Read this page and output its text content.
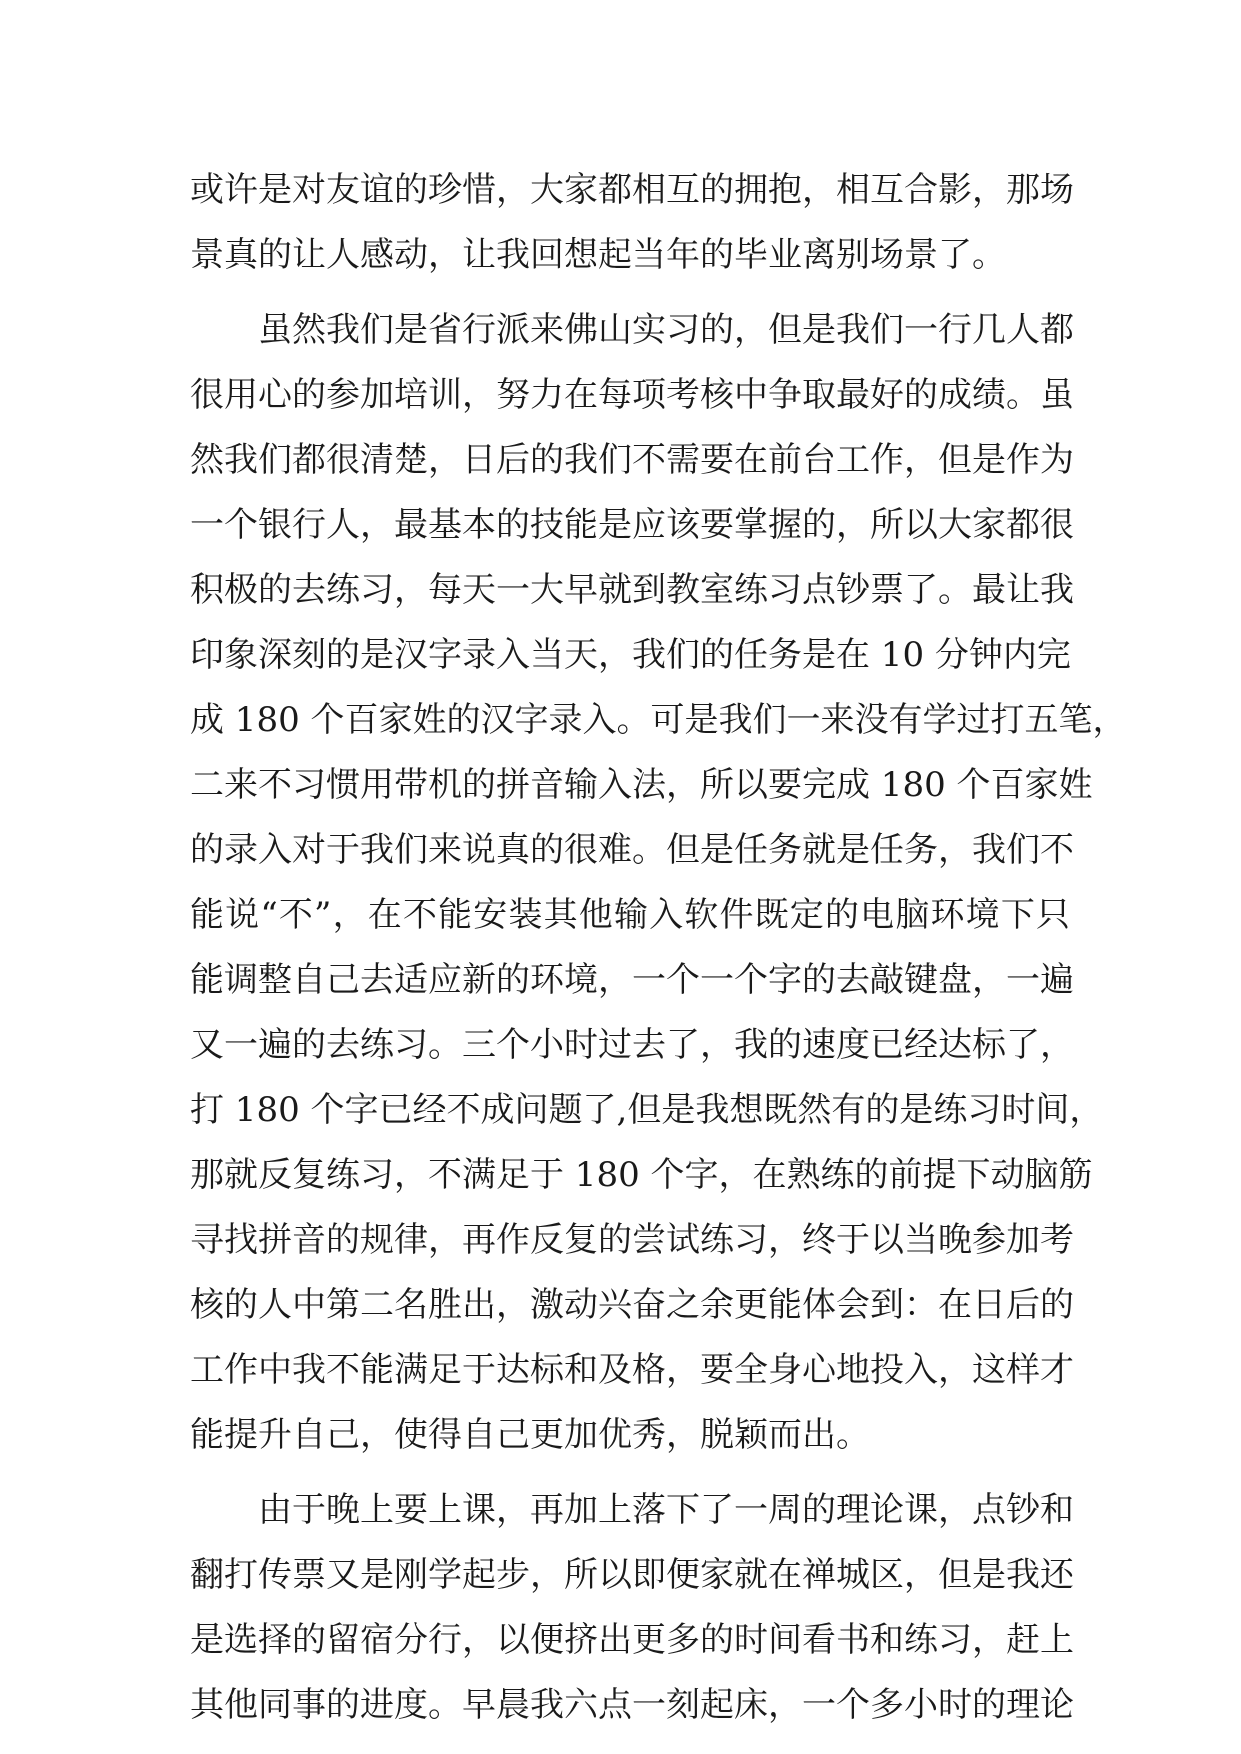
或许是对友谊的珍惜，大家都相互的拥抱，相互合影，那场
景真的让人感动，让我回想起当年的毕业离别场景了。
虽然我们是省行派来佛山实习的，但是我们一行几人都
很用心的参加培训，努力在每项考核中争取最好的成绩。虽
然我们都很清楚，日后的我们不需要在前台工作，但是作为
一个银行人，最基本的技能是应该要掌握的，所以大家都很
积极的去练习，每天一大早就到教室练习点钞票了。最让我
印象深刻的是汉字录入当天，我们的任务是在 10 分钟内完
成 180 个百家姓的汉字录入。可是我们一来没有学过打五笔，
二来不习惯用带机的拼音输入法，所以要完成 180 个百家姓
的录入对于我们来说真的很难。但是任务就是任务，我们不
能说“不”，在不能安装其他输入软件既定的电脑环境下只
能调整自己去适应新的环境，一个一个字的去敲键盘，一遍
又一遍的去练习。三个小时过去了，我的速度已经达标了，
打 180 个字已经不成问题了,但是我想既然有的是练习时间，
那就反复练习，不满足于 180 个字，在熟练的前提下动脑筋
寻找拼音的规律，再作反复的尝试练习，终于以当晚参加考
核的人中第二名胜出，激动兴奋之余更能体会到：在日后的
工作中我不能满足于达标和及格，要全身心地投入，这样才
能提升自己，使得自己更加优秀，脱颖而出。
由于晚上要上课，再加上落下了一周的理论课，点钞和
翻打传票又是刚学起步，所以即便家就在禅城区，但是我还
是选择的留宿分行，以便挤出更多的时间看书和练习，赶上
其他同事的进度。早晨我六点一刻起床，一个多小时的理论
